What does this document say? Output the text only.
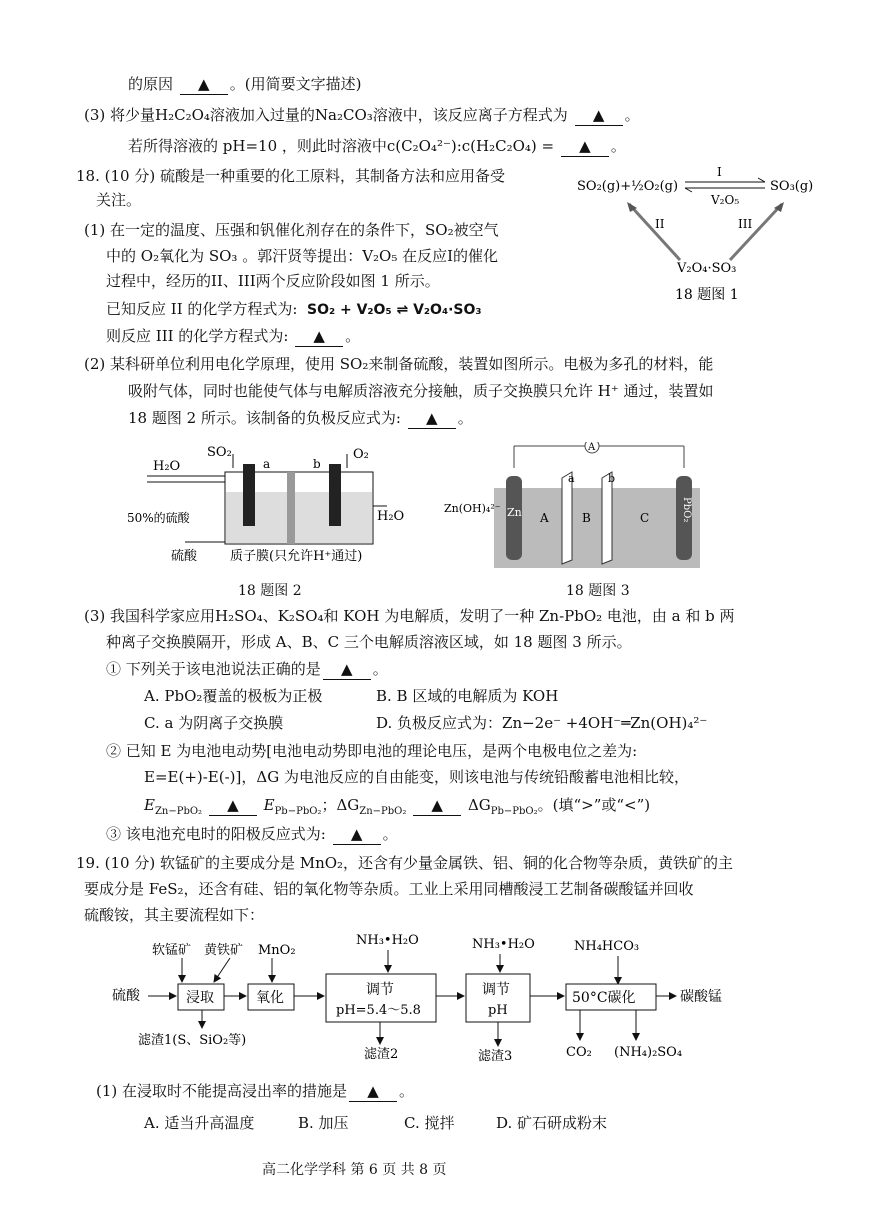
的原因 ▲ 。(用简要文字描述)
(3) 将少量H₂C₂O₄溶液加入过量的Na₂CO₃溶液中，该反应离子方程式为 ▲ 。
若所得溶液的 pH=10 ，则此时溶液中c(C₂O₄²⁻):c(H₂C₂O₄) = ▲ 。
18. (10 分) 硫酸是一种重要的化工原料，其制备方法和应用备受
关注。
(1) 在一定的温度、压强和钒催化剂存在的条件下，SO₂被空气
中的 O₂氧化为 SO₃ 。郭汗贤等提出：V₂O₅ 在反应I的催化
过程中，经历的II、III两个反应阶段如图 1 所示。
已知反应 II 的化学方程式为: SO₂ + V₂O₅ ⇌ V₂O₄·SO₃
则反应 III 的化学方程式为: ▲ 。
SO₂(g)+½O₂(g)	SO₃(g)
I
V₂O₅
II	III
V₂O₄·SO₃
18 题图 1
(2) 某科研单位利用电化学原理，使用 SO₂来制备硫酸，装置如图所示。电极为多孔的材料，能
吸附气体，同时也能使气体与电解质溶液充分接触，质子交换膜只允许 H⁺ 通过，装置如
18 题图 2 所示。该制备的负极反应式为: ▲ 。
H₂O
SO₂
a	b
O₂
50%的硫酸	H₂O
硫酸	质子膜(只允许H⁺通过)
18 题图 2
A
Zn
Zn(OH)₄²⁻
a	b
A	B	C	PbO₂
18 题图 3
(3) 我国科学家应用H₂SO₄、K₂SO₄和 KOH 为电解质，发明了一种 Zn-PbO₂ 电池，由 a 和 b 两
种离子交换膜隔开，形成 A、B、C 三个电解质溶液区域，如 18 题图 3 所示。
① 下列关于该电池说法正确的是 ▲ 。
A. PbO₂覆盖的极板为正极	B. B 区域的电解质为 KOH
C. a 为阴离子交换膜	D. 负极反应式为：Zn−2e⁻ +4OH⁻═Zn(OH)₄²⁻
② 已知 E 为电池电动势[电池电动势即电池的理论电压，是两个电极电位之差为:
E=E(+)-E(-)]，ΔG 为电池反应的自由能变，则该电池与传统铅酸蓄电池相比较，
$E_{Zn-PbO_2}$ ▲ $E_{Pb-PbO_2}$；$\Delta G_{Zn-PbO_2}$ ▲ $\Delta G_{Pb-PbO_2}$。(填“>”或“<”)
③ 该电池充电时的阳极反应式为: ▲ 。
19. (10 分) 软锰矿的主要成分是 MnO₂，还含有少量金属铁、铝、铜的化合物等杂质，黄铁矿的主
要成分是 FeS₂，还含有硅、铝的氧化物等杂质。工业上采用同槽酸浸工艺制备碳酸锰并回收
硫酸铵，其主要流程如下：
软锰矿 黄铁矿 MnO₂
NH₃•H₂O	NH₃•H₂O	NH₄HCO₃
硫酸	浸取	氧化	调节
pH=5.4～5.8
调节
pH
50°C碳化	碳酸锰
滤渣1(S、SiO₂等)
滤渣2	滤渣3	CO₂ (NH₄)₂SO₄
(1) 在浸取时不能提高浸出率的措施是 ▲ 。
A. 适当升高温度	B. 加压	C. 搅拌	D. 矿石研成粉末
高二化学学科 第 6 页 共 8 页
